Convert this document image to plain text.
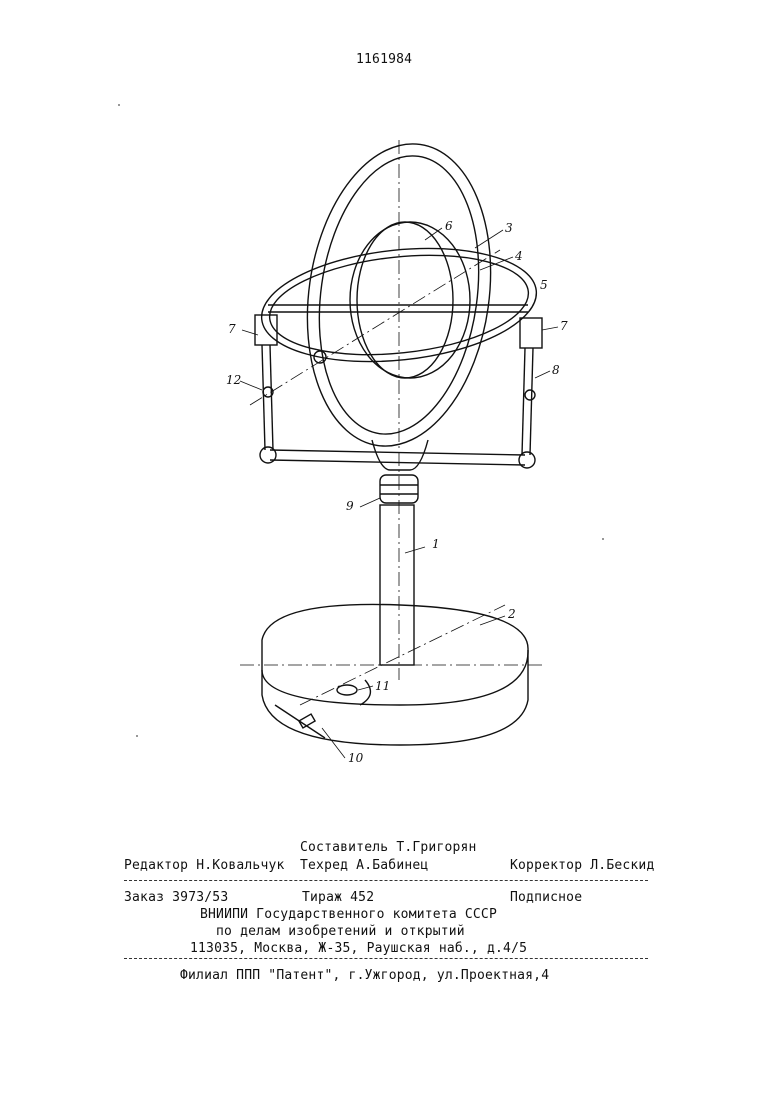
1161984
1
2
3
4
5
6
7	7
8
9
10
11
12
Составитель Т.Григорян
Редактор Н.Ковальчук Техред А.Бабинец	Корректор Л.Бескид
Заказ 3973/53	Тираж 452	Подписное
ВНИИПИ Государственного комитета СССР
по делам изобретений и открытий
113035, Москва, Ж-35, Раушская наб., д.4/5
Филиал ППП "Патент", г.Ужгород, ул.Проектная,4
